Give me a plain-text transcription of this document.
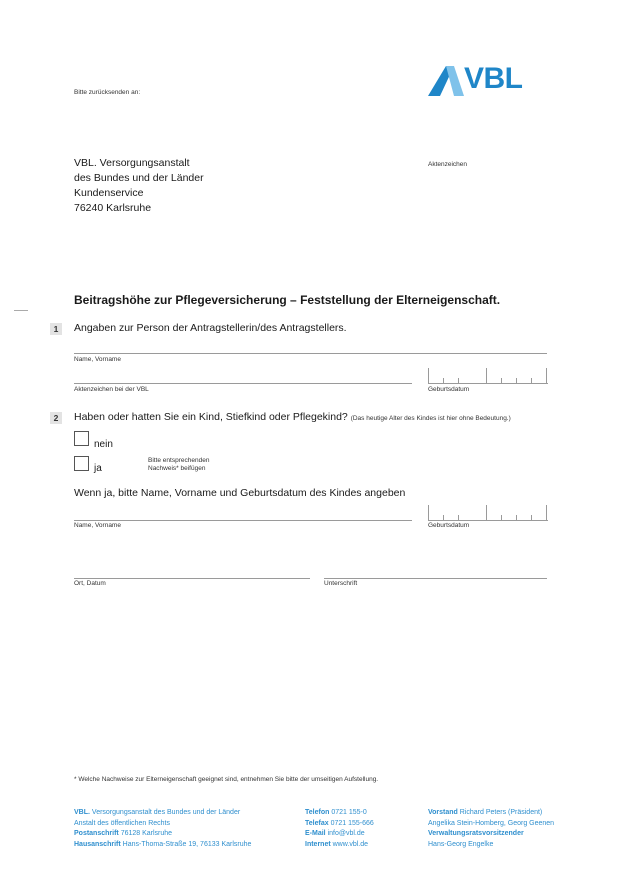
Bitte zurücksenden an:	VBL
VBL. Versorgungsanstalt
des Bundes und der Länder
Kundenservice
76240 Karlsruhe
Aktenzeichen
Beitragshöhe zur Pflegeversicherung – Feststellung der Elterneigenschaft.
1	Angaben zur Person der Antragstellerin/des Antragstellers.
Name, Vorname
Aktenzeichen bei der VBL	Geburtsdatum
2	Haben oder hatten Sie ein Kind, Stiefkind oder Pflegekind? (Das heutige Alter des Kindes ist hier ohne Bedeutung.)
nein
ja
Bitte entsprechenden
Nachweis* beifügen
Wenn ja, bitte Name, Vorname und Geburtsdatum des Kindes angeben
Name, Vorname	Geburtsdatum
Ort, Datum	Unterschrift
* Welche Nachweise zur Elterneigenschaft geeignet sind, entnehmen Sie bitte der umseitigen Aufstellung.
VBL. Versorgungsanstalt des Bundes und der Länder
Anstalt des öffentlichen Rechts
Postanschrift 76128 Karlsruhe
Hausanschrift Hans-Thoma-Straße 19, 76133 Karlsruhe
Telefon 0721 155-0
Telefax 0721 155-666
E-Mail info@vbl.de
Internet www.vbl.de
Vorstand Richard Peters (Präsident)
Angelika Stein-Homberg, Georg Geenen
Verwaltungsratsvorsitzender
Hans-Georg Engelke
